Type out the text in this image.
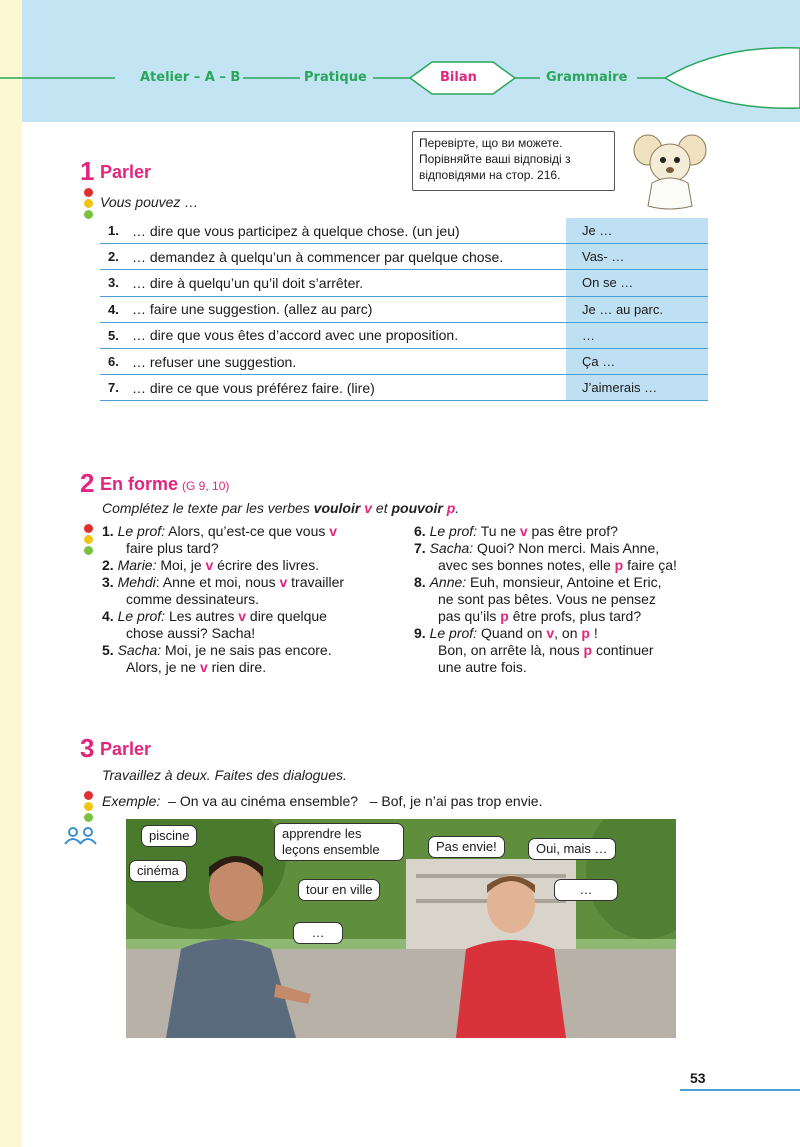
Atelier – A – B	Pratique	Bilan	Grammaire
Перевірте, що ви можете. Порівняйте ваші відповіді з відповідями на стор. 216.
1 Parler
Vous pouvez …
1. … dire que vous participez à quelque chose. (un jeu)	Je …
2. … demandez à quelqu’un à commencer par quelque chose.	Vas- …
3. … dire à quelqu’un qu’il doit s’arrêter.	On se …
4. … faire une suggestion. (allez au parc)	Je … au parc.
5. … dire que vous êtes d’accord avec une proposition.	…
6. … refuser une suggestion.	Ça …
7. … dire ce que vous préférez faire. (lire)	J’aimerais …
2 En forme (G 9, 10)
Complétez le texte par les verbes vouloir v et pouvoir p.
1. Le prof: Alors, qu’est-ce que vous v
faire plus tard?
2. Marie: Moi, je v écrire des livres.
3. Mehdi: Anne et moi, nous v travailler
comme dessinateurs.
4. Le prof: Les autres v dire quelque
chose aussi? Sacha!
5. Sacha: Moi, je ne sais pas encore.
Alors, je ne v rien dire.
6. Le prof: Tu ne v pas être prof?
7. Sacha: Quoi? Non merci. Mais Anne,
avec ses bonnes notes, elle p faire ça!
8. Anne: Euh, monsieur, Antoine et Eric,
ne sont pas bêtes. Vous ne pensez
pas qu’ils p être profs, plus tard?
9. Le prof: Quand on v, on p !
Bon, on arrête là, nous p continuer
une autre fois.
3 Parler
Travaillez à deux. Faites des dialogues.
Exemple: – On va au cinéma ensemble? – Bof, je n’ai pas trop envie.
piscine
cinéma
apprendre les leçons ensemble
tour en ville
…
Pas envie!	Oui, mais …
…
53
